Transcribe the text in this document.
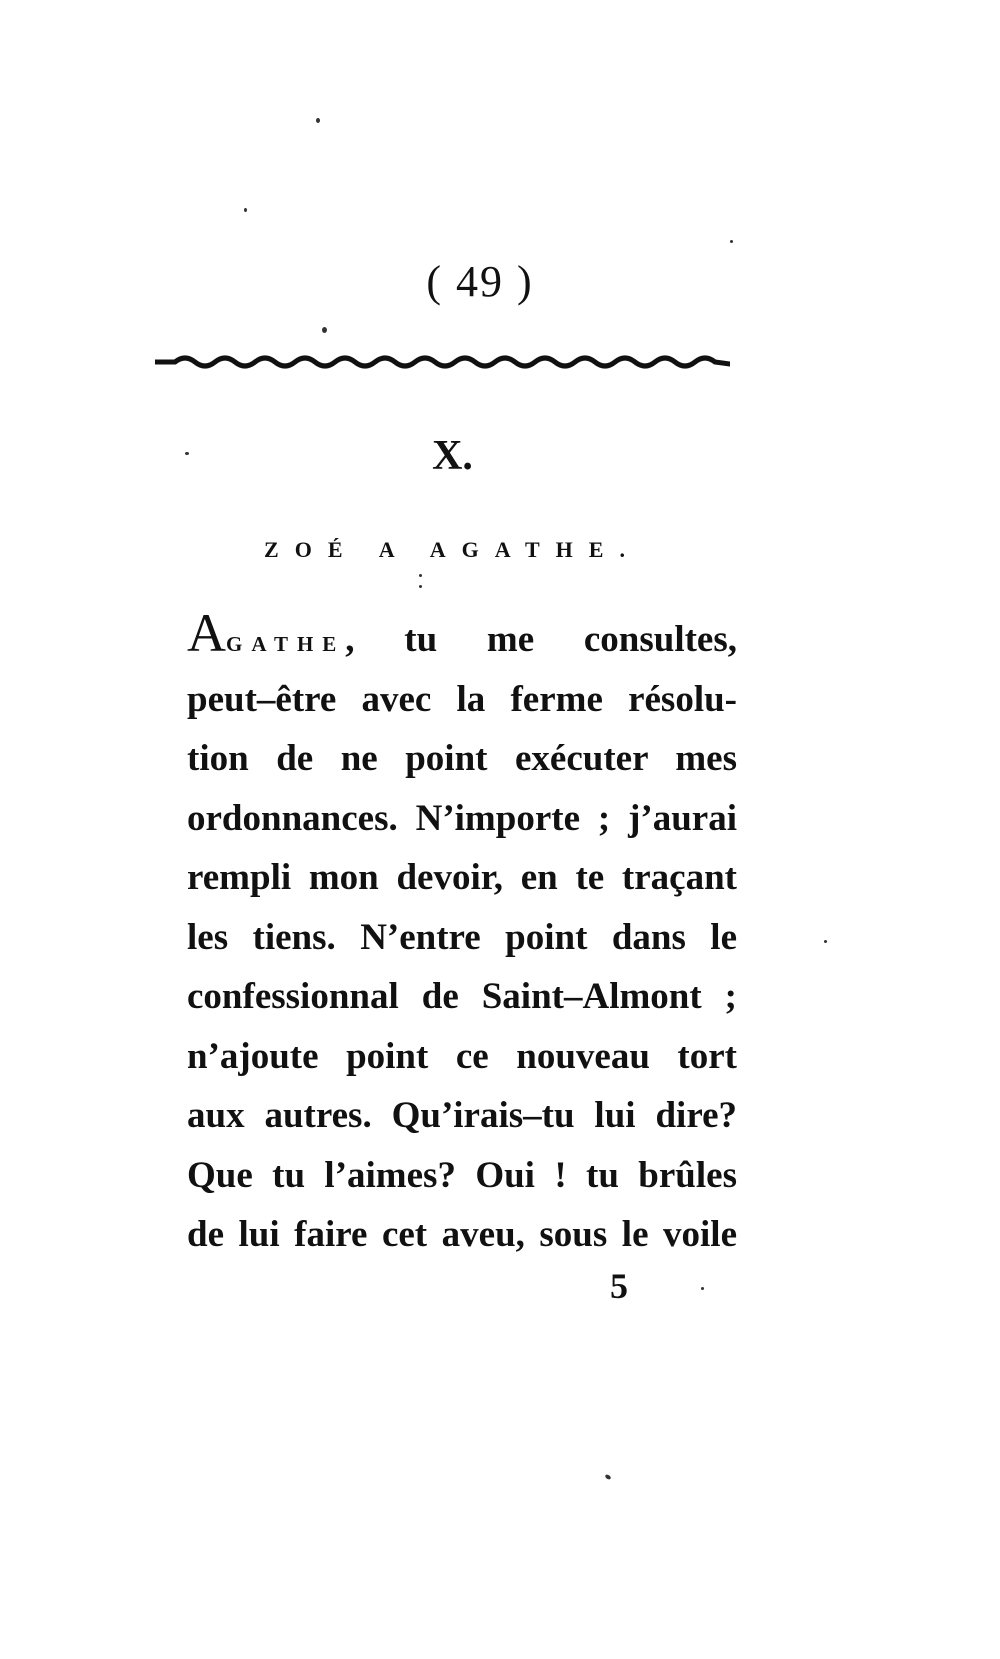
( 49 )
X.
ZOÉ A AGATHE.
AGATHE, tu me consultes,
peut–être avec la ferme résolu-
tion de ne point exécuter mes
ordonnances. N’importe ; j’aurai
rempli mon devoir, en te traçant
les tiens. N’entre point dans le
confessionnal de Saint–Almont ;
n’ajoute point ce nouveau tort
aux autres. Qu’irais–tu lui dire?
Que tu l’aimes? Oui ! tu brûles
de lui faire cet aveu, sous le voile
5
